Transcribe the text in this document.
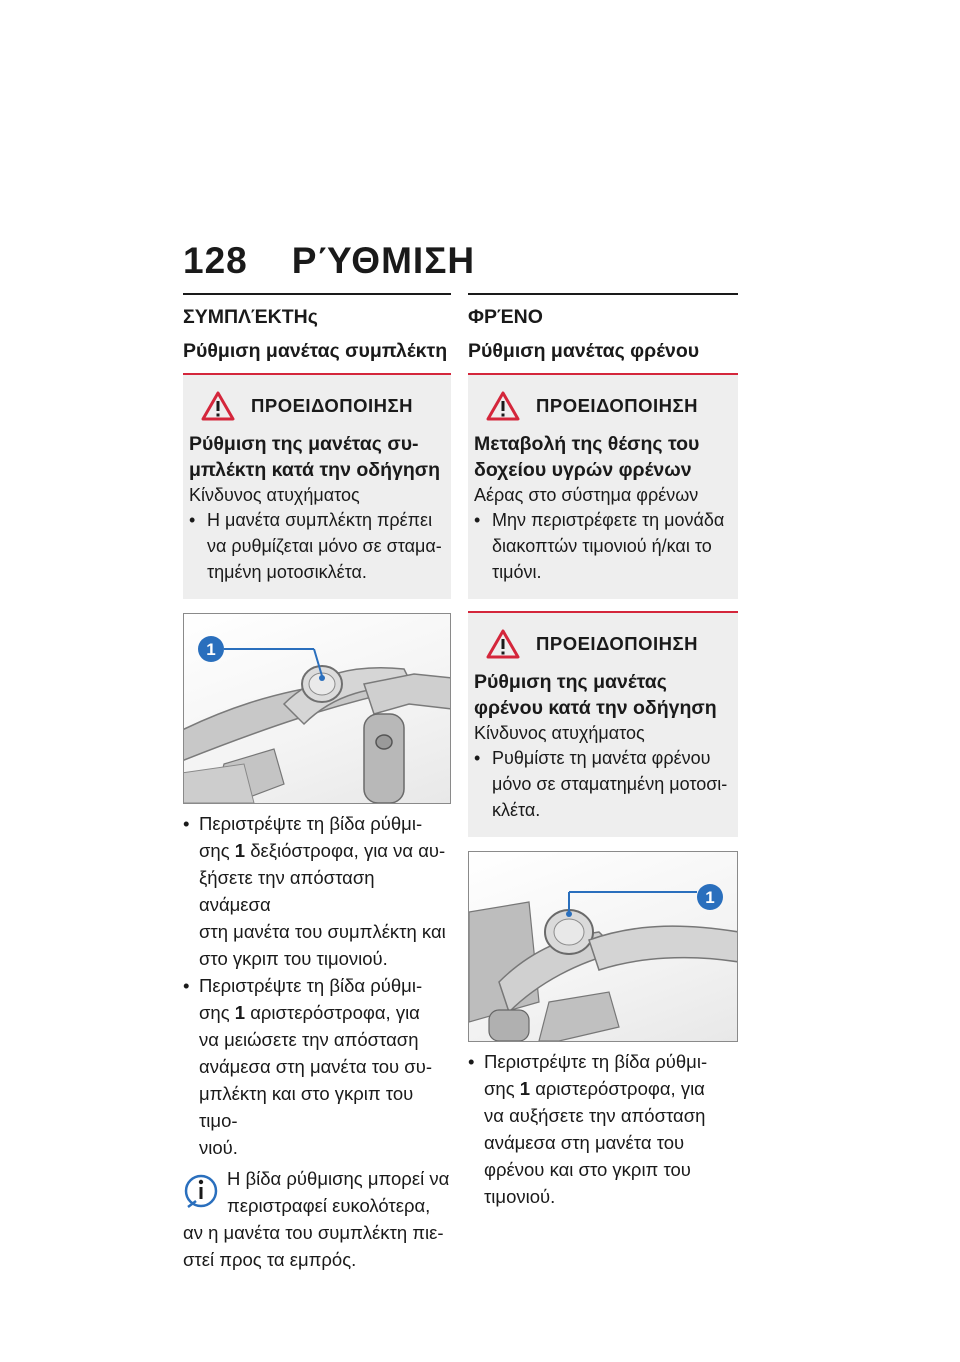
128 ΡΎΘΜΙΣΗ
ΣΥΜΠΛΈΚΤΗς
Ρύθμιση μανέτας συμπλέκτη
ΠΡΟΕΙΔΟΠΟΙΗΣΗ
Ρύθμιση της μανέτας συ-
μπλέκτη κατά την οδήγηση
Κίνδυνος ατυχήματος
• Η μανέτα συμπλέκτη πρέπει
να ρυθμίζεται μόνο σε σταμα-
τημένη μοτοσικλέτα.
1
• Περιστρέψτε τη βίδα ρύθμι-
σης 1 δεξιόστροφα, για να αυ-
ξήσετε την απόσταση ανάμεσα
στη μανέτα του συμπλέκτη και
στο γκριπ του τιμονιού.
• Περιστρέψτε τη βίδα ρύθμι-
σης 1 αριστερόστροφα, για
να μειώσετε την απόσταση
ανάμεσα στη μανέτα του συ-
μπλέκτη και στο γκριπ του τιμο-
νιού.
Η βίδα ρύθμισης μπορεί να
περιστραφεί ευκολότερα,
αν η μανέτα του συμπλέκτη πιε-
στεί προς τα εμπρός.
ΦΡΈΝΟ
Ρύθμιση μανέτας φρένου
ΠΡΟΕΙΔΟΠΟΙΗΣΗ
Μεταβολή της θέσης του
δοχείου υγρών φρένων
Αέρας στο σύστημα φρένων
• Μην περιστρέφετε τη μονάδα
διακοπτών τιμονιού ή/και το
τιμόνι.
ΠΡΟΕΙΔΟΠΟΙΗΣΗ
Ρύθμιση της μανέτας
φρένου κατά την οδήγηση
Κίνδυνος ατυχήματος
• Ρυθμίστε τη μανέτα φρένου
μόνο σε σταματημένη μοτοσι-
κλέτα.
1
• Περιστρέψτε τη βίδα ρύθμι-
σης 1 αριστερόστροφα, για
να αυξήσετε την απόσταση
ανάμεσα στη μανέτα του
φρένου και στο γκριπ του
τιμονιού.
